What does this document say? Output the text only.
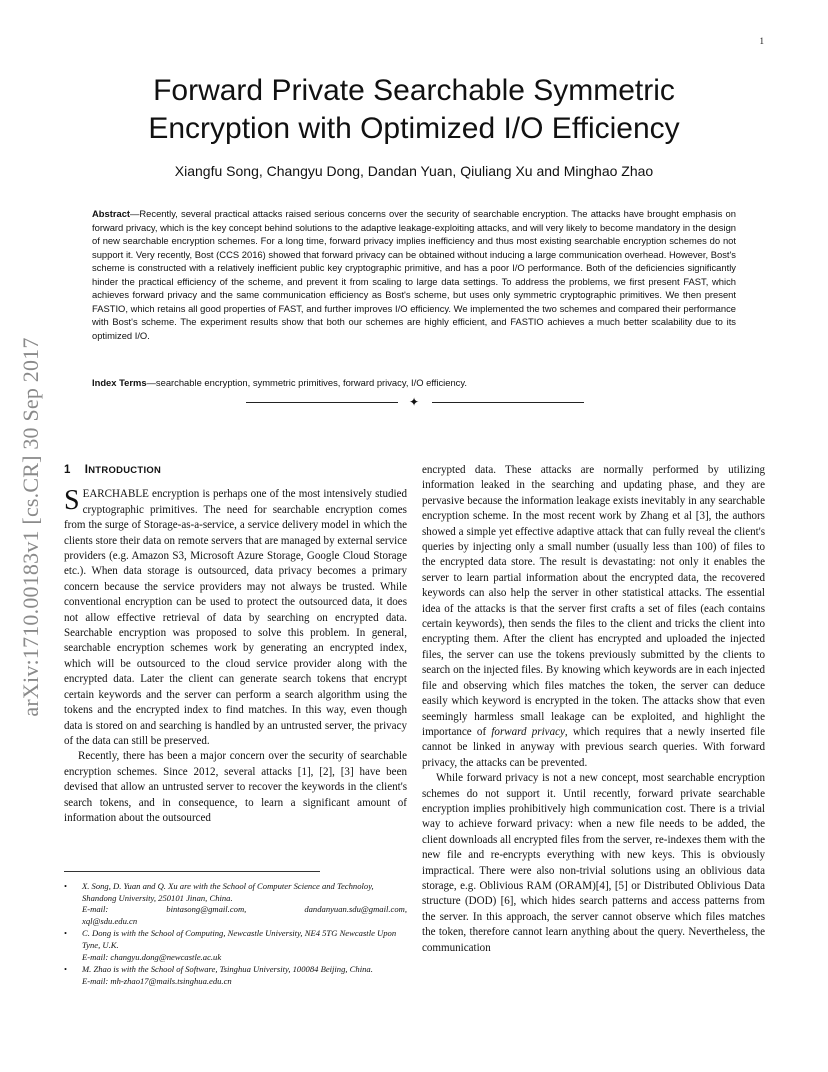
1
arXiv:1710.00183v1 [cs.CR] 30 Sep 2017
Forward Private Searchable Symmetric
Encryption with Optimized I/O Efficiency
Xiangfu Song, Changyu Dong, Dandan Yuan, Qiuliang Xu and Minghao Zhao

Abstract—Recently, several practical attacks raised serious concerns over the security of searchable encryption. The attacks have brought emphasis on forward privacy, which is the key concept behind solutions to the adaptive leakage-exploiting attacks, and will very likely to become mandatory in the design of new searchable encryption schemes. For a long time, forward privacy implies inefficiency and thus most existing searchable encryption schemes do not support it. Very recently, Bost (CCS 2016) showed that forward privacy can be obtained without inducing a large communication overhead. However, Bost's scheme is constructed with a relatively inefficient public key cryptographic primitive, and has a poor I/O performance. Both of the deficiencies significantly hinder the practical efficiency of the scheme, and prevent it from scaling to large data settings. To address the problems, we first present FAST, which achieves forward privacy and the same communication efficiency as Bost's scheme, but uses only symmetric cryptographic primitives. We then present FASTIO, which retains all good properties of FAST, and further improves I/O efficiency. We implemented the two schemes and compared their performance with Bost's scheme. The experiment results show that both our schemes are highly efficient, and FASTIO achieves a much better scalability due to its optimized I/O.

Index Terms—searchable encryption, symmetric primitives, forward privacy, I/O efficiency.

✦
1 INTRODUCTION

SEARCHABLE encryption is perhaps one of the most intensively studied cryptographic primitives. The need for searchable encryption comes from the surge of Storage-as-a-service, a service delivery model in which the clients store their data on remote servers that are managed by external service providers (e.g. Amazon S3, Microsoft Azure Storage, Google Cloud Storage etc.). When data storage is outsourced, data privacy becomes a primary concern because the service providers may not always be trusted. While conventional encryption can be used to protect the outsourced data, it does not allow effective retrieval of data by searching on encrypted data. Searchable encryption was proposed to solve this problem. In general, searchable encryption schemes work by generating an encrypted index, which will be outsourced to the cloud service provider along with the encrypted data. Later the client can generate search tokens that encrypt certain keywords and the server can perform a search algorithm using the tokens and the encrypted index to find matches. In this way, even though data is stored on and searching is handled by an untrusted server, the privacy of the data can still be preserved.

Recently, there has been a major concern over the security of searchable encryption schemes. Since 2012, several attacks [1], [2], [3] have been devised that allow an untrusted server to recover the keywords in the client's search tokens, and in consequence, to learn a significant amount of information about the outsourced

encrypted data. These attacks are normally performed by utilizing information leaked in the searching and updating phase, and they are pervasive because the information leakage exists inevitably in any searchable encryption scheme. In the most recent work by Zhang et al [3], the authors showed a simple yet effective adaptive attack that can fully reveal the client's queries by injecting only a small number (usually less than 100) of files to the encrypted data store. The result is devastating: not only it enables the server to learn partial information about the encrypted data, the recovered keywords can also help the server in other statistical attacks. The essential idea of the attacks is that the server first crafts a set of files (each contains certain keywords), then sends the files to the client and tricks the client into encrypting them. After the client has encrypted and uploaded the injected files, the server can use the tokens previously submitted by the clients to search on the injected files. By knowing which keywords are in each injected file and observing which files matches the token, the server can deduce easily which keyword is encrypted in the token. The attacks show that even seemingly harmless small leakage can be exploited, and highlight the importance of forward privacy, which requires that a newly inserted file cannot be linked in anyway with previous search queries. With forward privacy, the attacks can be prevented.

While forward privacy is not a new concept, most searchable encryption schemes do not support it. Until recently, forward private searchable encryption implies prohibitively high communication cost. There is a trivial way to achieve forward privacy: when a new file needs to be added, the client downloads all encrypted files from the server, re-indexes them with the new file and re-encrypts everything with new keys. This is obviously impractical. There were also non-trivial solutions using an oblivious data storage, e.g. Oblivious RAM (ORAM)[4], [5] or Distributed Oblivious Data structure (DOD) [6], which hides search patterns and access patterns from the server. In this approach, the server cannot observe which files matches the token, therefore cannot learn anything about the query. Nevertheless, the communication

• X. Song, D. Yuan and Q. Xu are with the School of Computer Science and Technoloy, Shandong University, 250101 Jinan, China.
E-mail:	bintasong@gmail.com,	dandanyuan.sdu@gmail.com,
xql@sdu.edu.cn
• C. Dong is with the School of Computing, Newcastle University, NE4 5TG Newcastle Upon Tyne, U.K.
E-mail: changyu.dong@newcastle.ac.uk
• M. Zhao is with the School of Software, Tsinghua University, 100084 Beijing, China.
E-mail: mh-zhao17@mails.tsinghua.edu.cn
